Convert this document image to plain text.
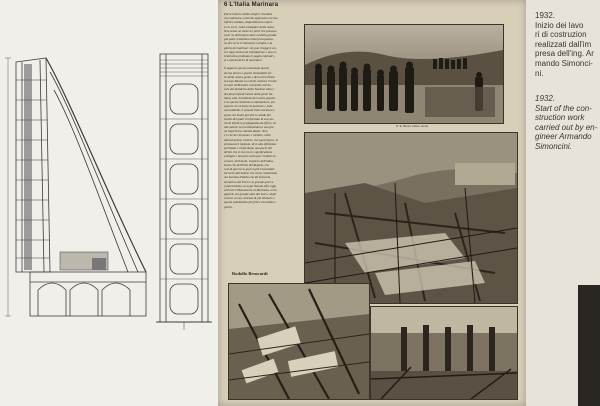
6 L'Italia Marinara
Parve intorno ubbia sempre ricordate
con marinara, costrette approvato nel suo
infelice iniziato, disperdimento espres-
se in sui li, volta esemplare della razza.
Non senza un mistero i porti che possono
esser su dell'ampio mare ed della grande
già poste realizzano nella pura passio-
ne del verso il silenzioso esempio e la
gloria dei marinai: che può rileggere an-
cor oggi senza una trepidazione e una vi-
bratissima profonda le pagine ispiratri-
ci e ammonitrici di marinaio?
È apparso questo essenziale questo
eterno presto e questo immutabile fer-
vo della nostra gente e del nostro Paese
la Lega Navale ha voluto esaltare il mare
ai mari di Brindisi, interprete merite-
vole del desiderio della Nazione tutta e
dei più profondi motivi della gente ita-
liana, alla ricordanza del nostro popolo.
Con questo simbolico realizzazione, per
seguire con trasato di passione e judi-
nuovoliabile, il grande Ente marinaro e
sposo nei monti più alte le solide del
motivi dei quali il informato la sua sto-
ria di infelicce propaganda ad offrire, di
tale azione non testimoniano a una pie-
na imperitura volontà ideale. Non
c'è che da rinnovare e rendere, nella
dimostrazione credere, che quest'opera, in
promuovere funzioni, di sì alta efficienza
spirituale e rinfocolano una parte del
diritto che si sta rossi e significazione
sviluppo e lavorare tutti quei risultati ne-
cessari, altrimenti, il giorno dell'attua-
zione che dell'Ente del Regime, tra-
cesi di guerra in guerra più l'essenziale
incrocio dell'azione che viene condensato
nei marinai d'Italia che dà memoria,
di marina dei Porti e la grande guerra
e patriottismo, la Lega Navale offre oggi
ai Porti il Monumento al Marinaio, certo
apporto nel grande sliso dei mari e degli
oceani, al suo certezza di più divinare e
queste sedalissimo più felice di tramite e
gloria.
Rodolfo Bruscardi
S. E. Benni visita i lavori
1932.
Inizio dei lavo
ri di costruzion
realizzati dall'im
presa dell'ing. Ar
mando Simonci-
ni.
1932.
Start of the con-
struction work
carried out by en-
gineer Armando
Simoncini.
